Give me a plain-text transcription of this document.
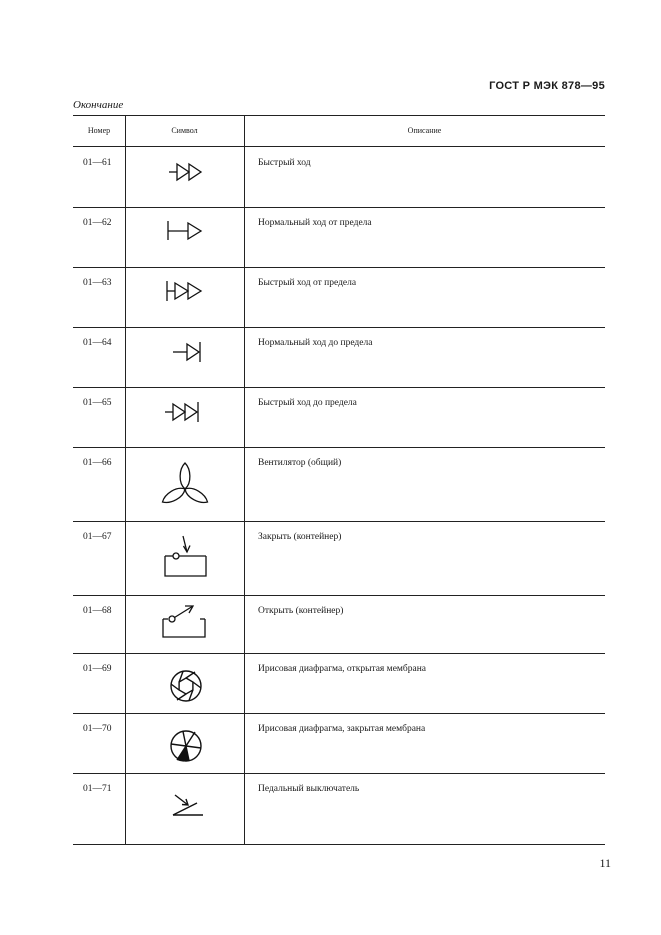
ГОСТ Р МЭК 878—95
Окончание
Номер	Символ	Описание
01—61	Быстрый ход
01—62	Нормальный ход от предела
01—63	Быстрый ход от предела
01—64	Нормальный ход до предела
01—65	Быстрый ход до предела
01—66	Вентилятор (общий)
01—67	Закрыть (контейнер)
01—68	Открыть (контейнер)
01—69	Ирисовая диафрагма, открытая мембрана
01—70	Ирисовая диафрагма, закрытая мембрана
01—71	Педальный выключатель
11
